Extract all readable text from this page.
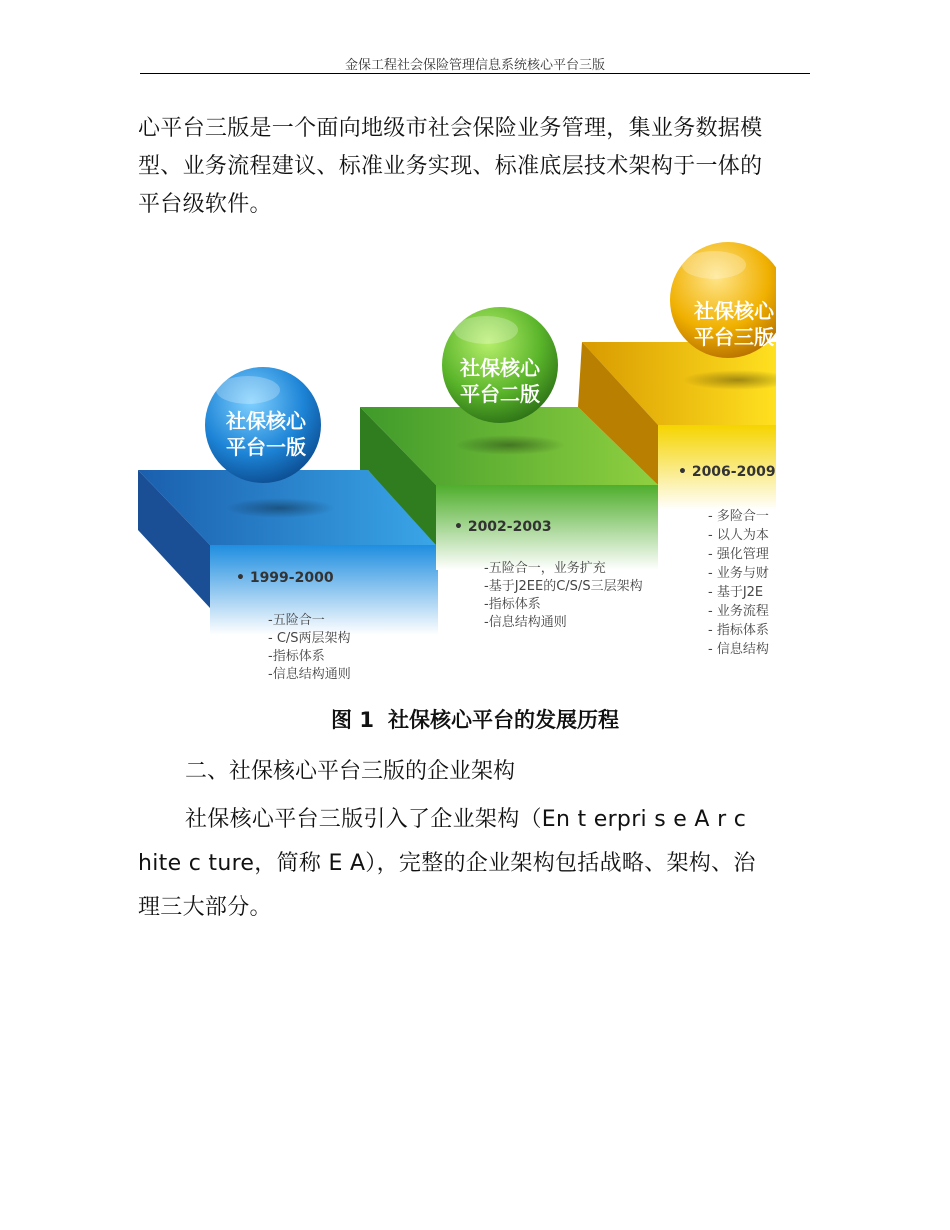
金保工程社会保险管理信息系统核心平台三版

心平台三版是一个面向地级市社会保险业务管理，集业务数据模型、业务流程建议、标准业务实现、标准底层技术架构于一体的平台级软件。

社保核心
平台一版
社保核心
平台二版
社保核心
平台三版
• 1999-2000
• 2002-2003
• 2006-2009
-五险合一
- C/S两层架构
-指标体系
-信息结构通则
-五险合一，业务扩充
-基于J2EE的C/S/S三层架构
-指标体系
-信息结构通则
- 多险合一
- 以人为本
- 强化管理
- 业务与财
- 基于J2E
- 业务流程
- 指标体系
- 信息结构

图 1 社保核心平台的发展历程

二、社保核心平台三版的企业架构

社保核心平台三版引入了企业架构（En t erpri s e A r c hite c ture，简称 E A），完整的企业架构包括战略、架构、治理三大部分。
